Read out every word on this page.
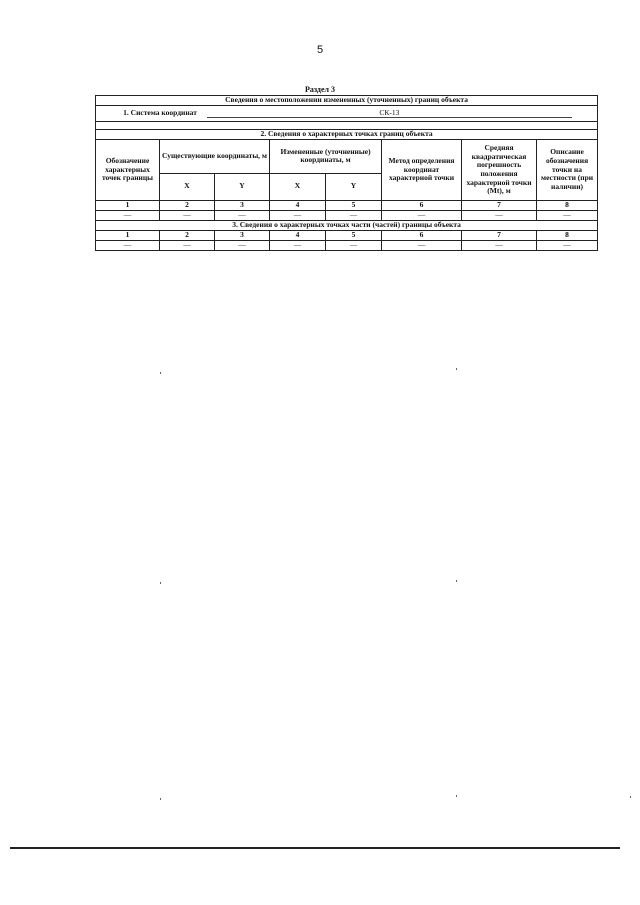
5
Раздел 3
Сведения о местоположении измененных (уточненных) границ объекта							
1. Система координат СК-13							

2. Сведения о характерных точках границ объекта							
Обозначение характерных точек границы	Существующие координаты, м		Измененные (уточненные) координаты, м		Метод определения координат характерной точки	Средняя квадратическая погрешность положения характерной точки (Mt), м	Описание обозначения точки на местности (при наличии)
	X	Y	X	Y			
1	2	3	4	5	6	7	8
—	—	—	—	—	—	—	—
3. Сведения о характерных точках части (частей) границы объекта							
1	2	3	4	5	6	7	8
—	—	—	—	—	—	—	—
